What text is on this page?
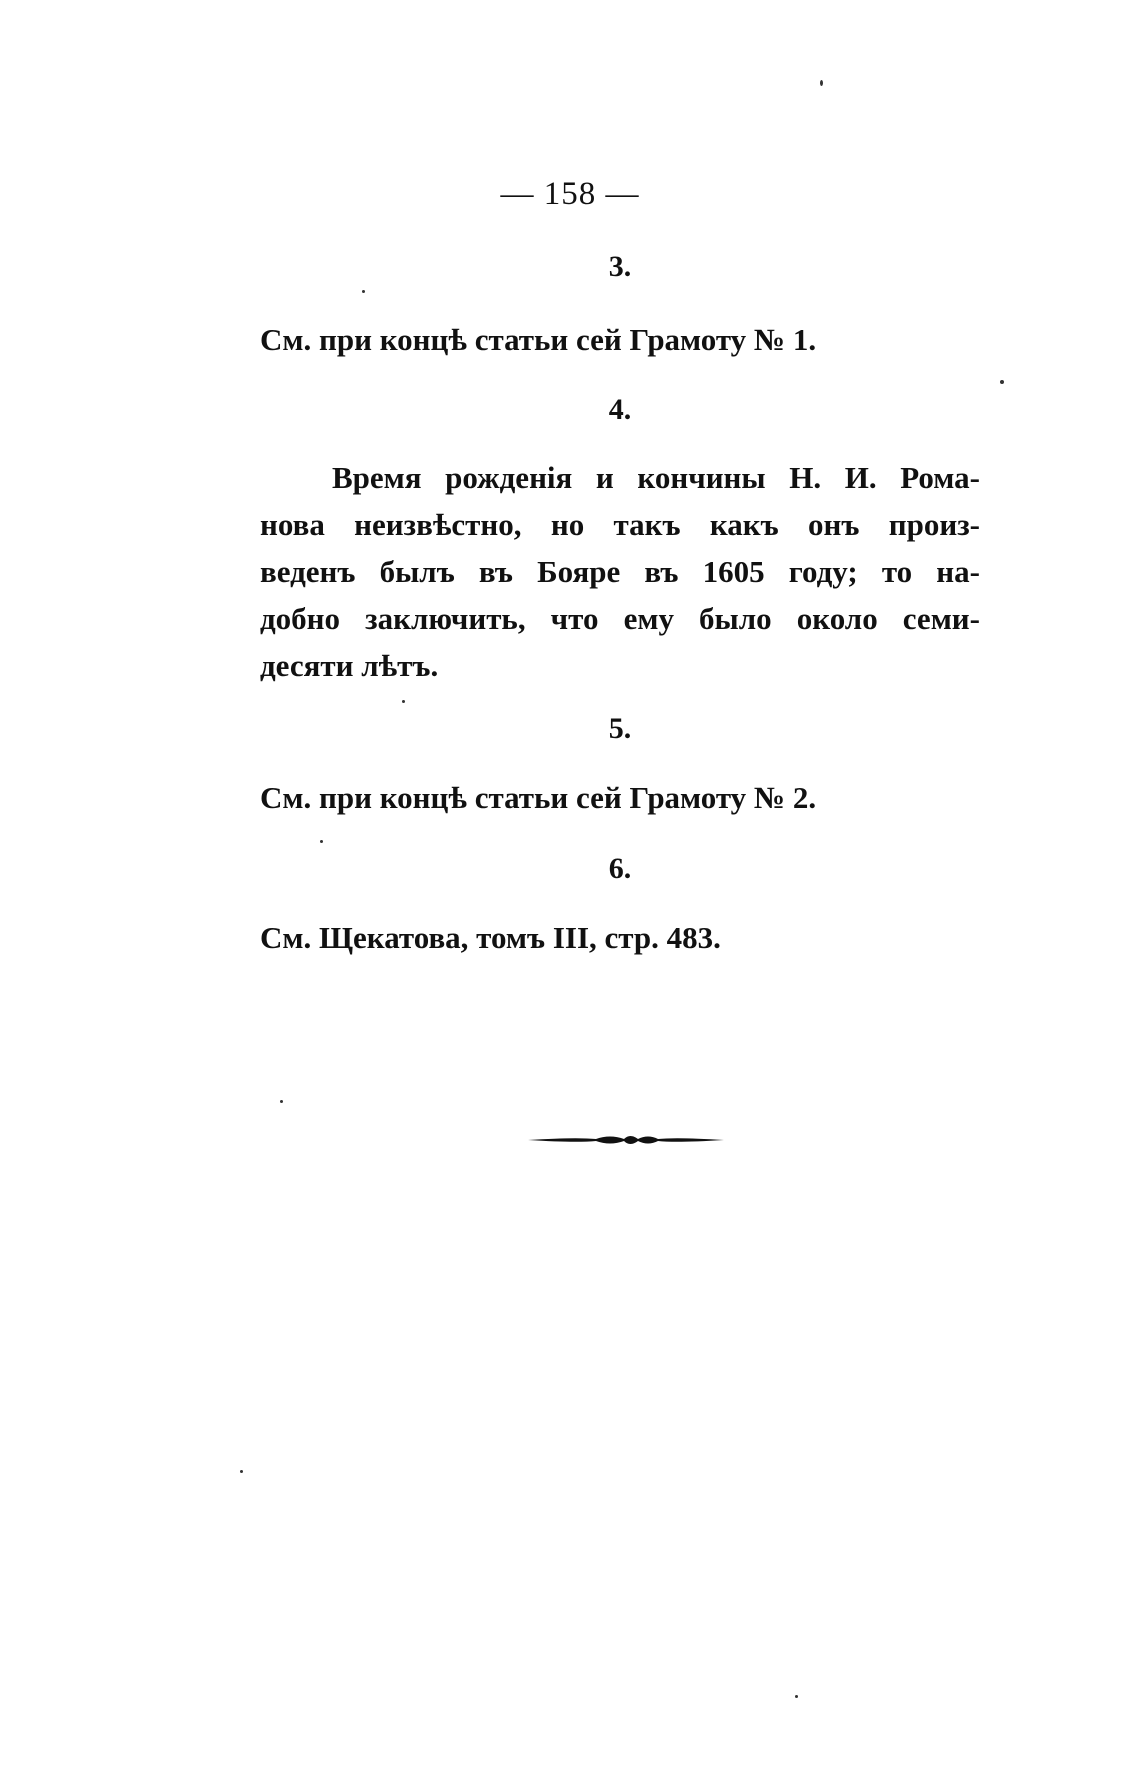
— 158 —
3.
См. при концѣ статьи сей Грамоту № 1.
4.
Время рожденія и кончины Н. И. Рома-
нова неизвѣстно, но такъ какъ онъ произ-
веденъ былъ въ Бояре въ 1605 году; то на-
добно заключить, что ему было около семи-
десяти лѣтъ.
5.
См. при концѣ статьи сей Грамоту № 2.
6.
См. Щекатова, томъ III, стр. 483.
